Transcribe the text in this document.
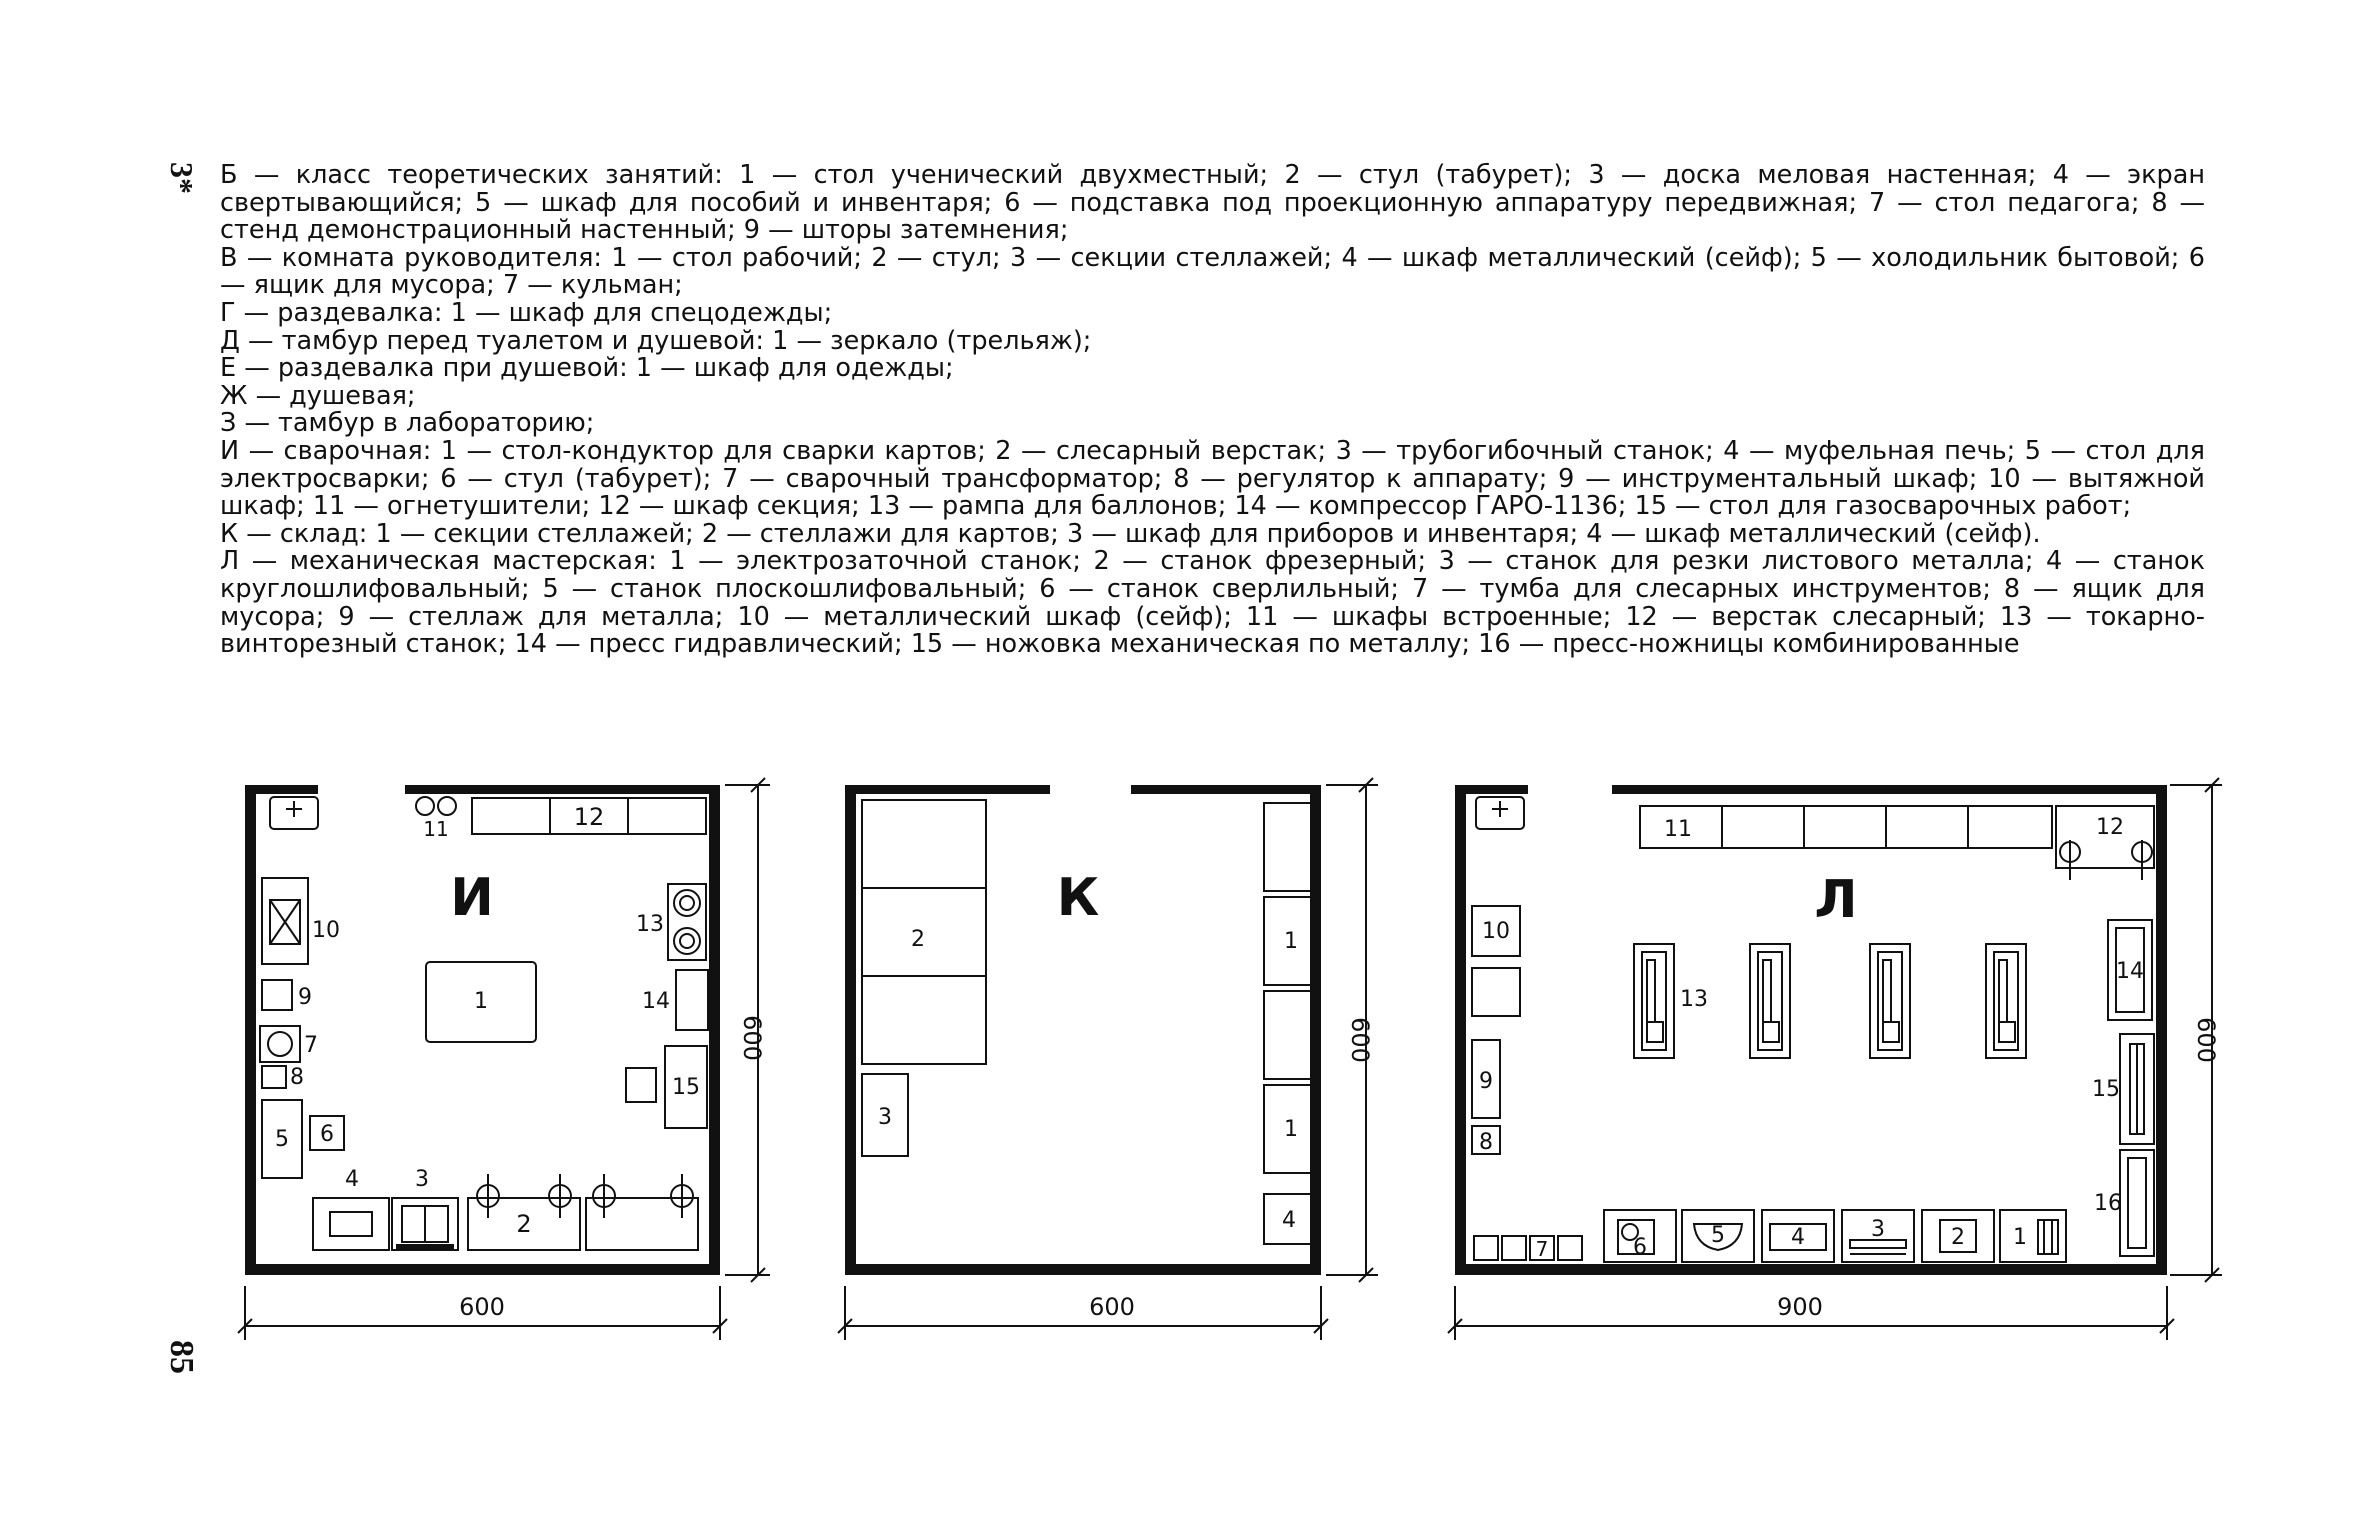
3*
85

Б — класс теоретических занятий: 1 — стол ученический двухместный; 2 — стул (табурет); 3 — доска меловая настенная; 4 — экран свертывающийся; 5 — шкаф для пособий и инвентаря; 6 — подставка под проекционную аппаратуру передвижная; 7 — стол педагога; 8 — стенд демонстрационный настенный; 9 — шторы затемнения;

В — комната руководителя: 1 — стол рабочий; 2 — стул; 3 — секции стеллажей; 4 — шкаф металлический (сейф); 5 — холодильник бытовой; 6 — ящик для мусора; 7 — кульман;

Г — раздевалка: 1 — шкаф для спецодежды;

Д — тамбур перед туалетом и душевой: 1 — зеркало (трельяж);

Е — раздевалка при душевой: 1 — шкаф для одежды;

Ж — душевая;

З — тамбур в лабораторию;

И — сварочная: 1 — стол-кондуктор для сварки картов; 2 — слесарный верстак; 3 — трубогибочный станок; 4 — муфельная печь; 5 — стол для электросварки; 6 — стул (табурет); 7 — сварочный трансформатор; 8 — регулятор к аппарату; 9 — инструментальный шкаф; 10 — вытяжной шкаф; 11 — огнетушители; 12 — шкаф секция; 13 — рампа для баллонов; 14 — компрессор ГАРО-1136; 15 — стол для газосварочных работ;

К — склад: 1 — секции стеллажей; 2 — стеллажи для картов; 3 — шкаф для приборов и инвентаря; 4 — шкаф металлический (сейф).

Л — механическая мастерская: 1 — электрозаточной станок; 2 — станок фрезерный; 3 — станок для резки листового металла; 4 — станок круглошлифовальный; 5 — станок плоскошлифовальный; 6 — станок сверлильный; 7 — тумба для слесарных инструментов; 8 — ящик для мусора; 9 — стеллаж для металла; 10 — металлический шкаф (сейф); 11 — шкафы встроенные; 12 — верстак слесарный; 13 — токарно-винторезный станок; 14 — пресс гидравлический; 15 — ножовка механическая по металлу; 16 — пресс-ножницы комбинированные

11	12
И
10	13
1	14
9
7
8	15
5 6
4	3
2
600
600
2
К
1
1
3
4
600
600
11	12
Л
10
13
14
9	15
8
16
7	6	5	4	3	2 1
900
600
